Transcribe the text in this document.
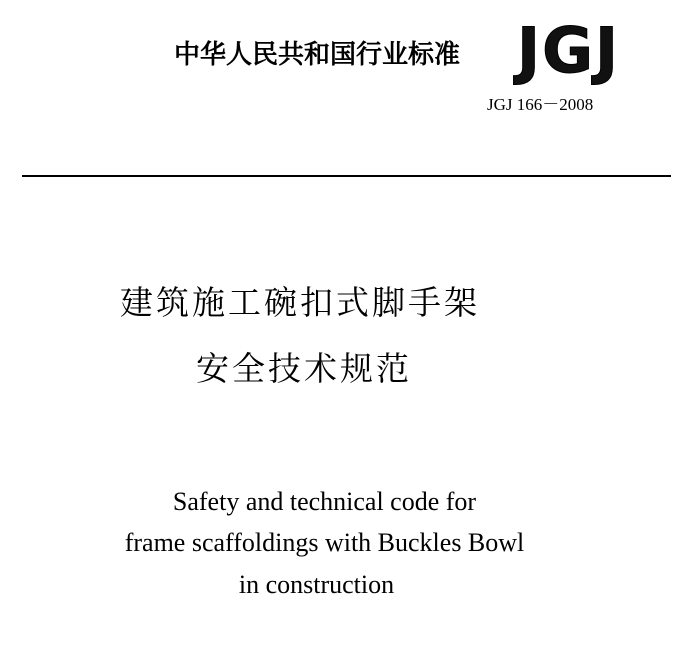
中华人民共和国行业标准 J G J
JGJ 166－2008
建筑施工碗扣式脚手架
安全技术规范
Safety and technical code for
frame scaffoldings with Buckles Bowl
in construction
